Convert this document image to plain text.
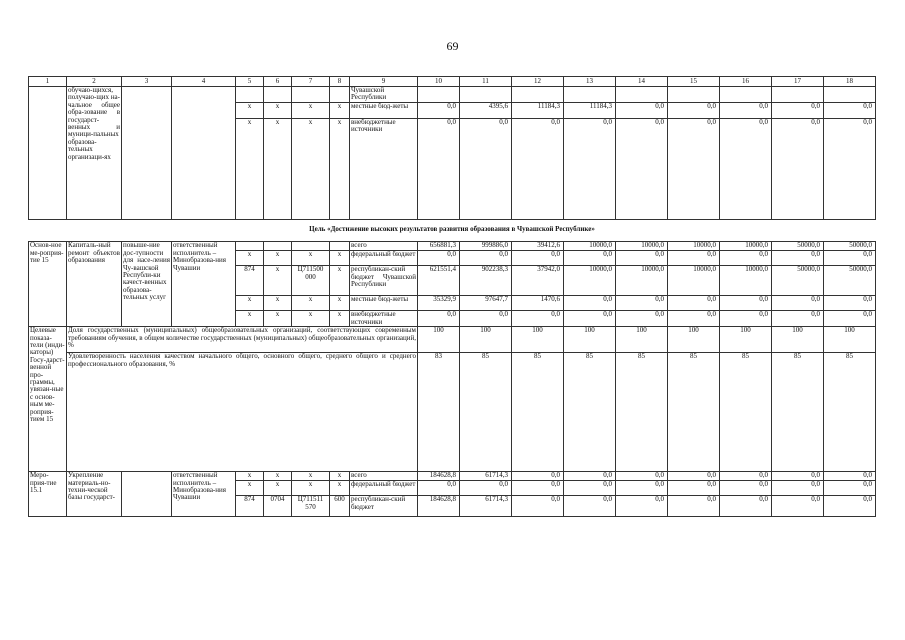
69
1	2	3	4	5	6	7	8	9	10	11	12	13	14	15	16	17	18
	обучаю-щихся, получаю-щих на-чальное общее обра-зование в государст-венных и муници-пальных образова-тельных организаци-ях							Чувашской Республики									
				x	x	x	x	местные бюд-жеты	0,0	4395,6	11184,3	11184,3	0,0	0,0	0,0	0,0	0,0
				x	x	x	x	внебюджетные источники	0,0	0,0	0,0	0,0	0,0	0,0	0,0	0,0	0,0
Цель «Достижение высоких результатов развития образования в Чувашской Республике»																	
Основ-ное ме-роприя-тие 15	Капиталь-ный ремонт объектов образования	повыше-ние дос-тупности для насе-ления Чу-вашской Республи-ки качест-венных образова-тельных услуг	ответственный исполнитель – Минобразова-ния Чувашии					всего	656881,3	999886,0	39412,6	10000,0	10000,0	10000,0	10000,0	50000,0	50000,0
				x	x	x	x	федеральный бюджет	0,0	0,0	0,0	0,0	0,0	0,0	0,0	0,0	0,0
				874	x	Ц711500 000	x	республикан-ский бюджет Чувашской Республики	621551,4	902238,3	37942,0	10000,0	10000,0	10000,0	10000,0	50000,0	50000,0
				x	x	x	x	местные бюд-жеты	35329,9	97647,7	1470,6	0,0	0,0	0,0	0,0	0,0	0,0
				x	x	x	x	внебюджетные источники	0,0	0,0	0,0	0,0	0,0	0,0	0,0	0,0	0,0
Целевые показа-тели (инди-каторы) Госу-дарст-венной про-граммы, увязан-ные с основ-ным ме-роприя-тием 15	Доля государственных (муниципальных) общеобразовательных организаций, соответствующих современным требованиям обучения, в общем количестве государственных (муниципальных) общеобразовательных организаций, %								100	100	100	100	100	100	100	100	100
	Удовлетворенность населения качеством начального общего, основного общего, среднего общего и среднего профессионального образования, %								83	85	85	85	85	85	85	85	85
Меро-прия-тие 15.1	Укрепление материаль-но-техни-ческой базы государст-		ответственный исполнитель – Минобразова-ния Чувашии	x	x	x	x	всего	184628,8	61714,3	0,0	0,0	0,0	0,0	0,0	0,0	0,0
				x	x	x	x	федеральный бюджет	0,0	0,0	0,0	0,0	0,0	0,0	0,0	0,0	0,0
				874	0704	Ц711511 570	600	республикан-ский бюджет	184628,8	61714,3	0,0	0,0	0,0	0,0	0,0	0,0	0,0
